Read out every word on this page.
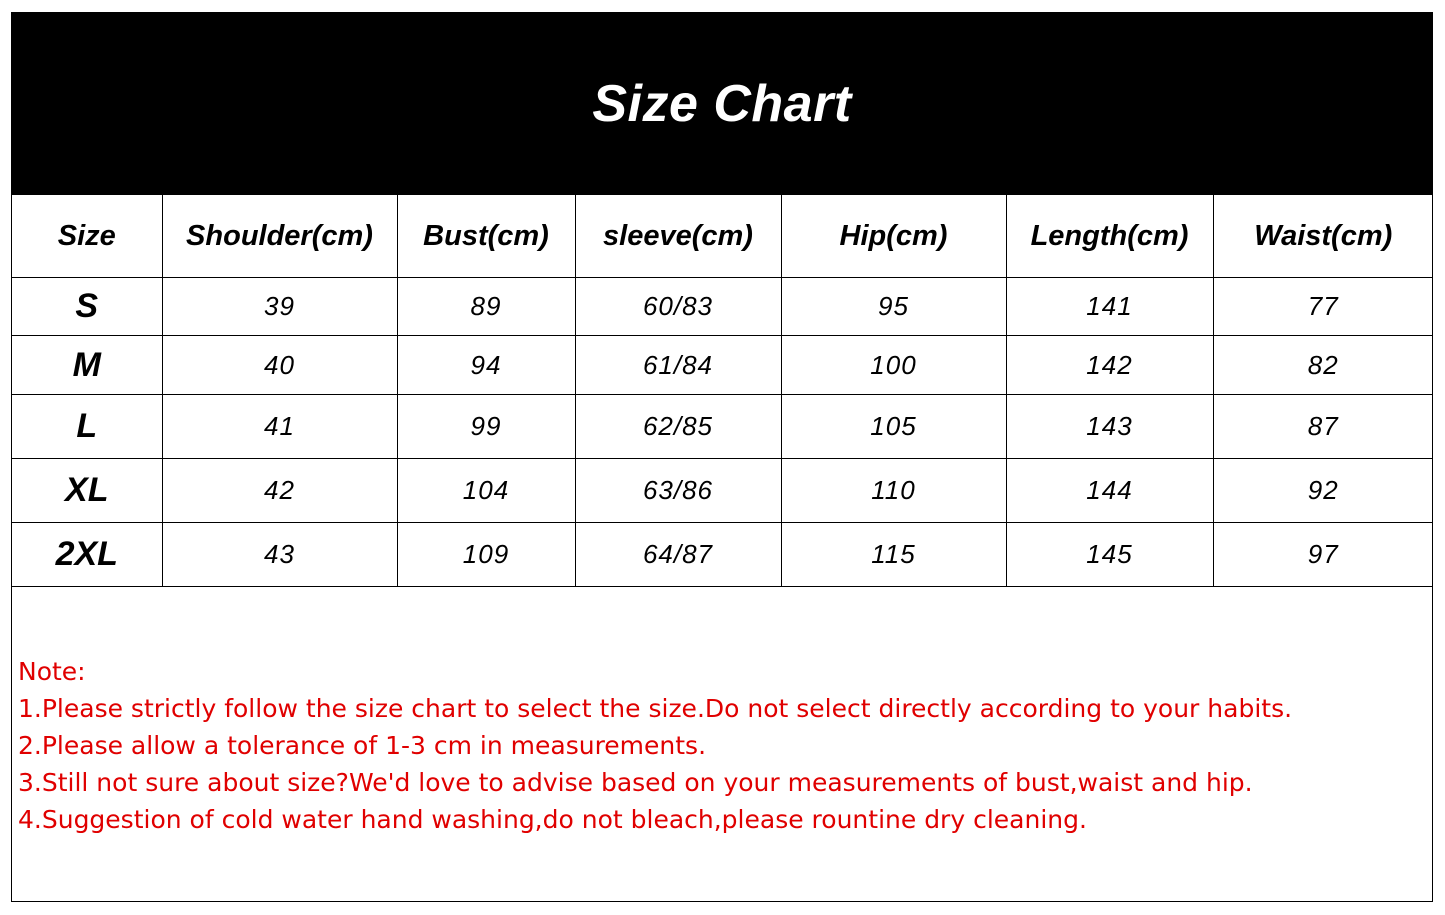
Size Chart
Size	Shoulder(cm)	Bust(cm)	sleeve(cm)	Hip(cm)	Length(cm)	Waist(cm)
S	39	89	60/83	95	141	77
M	40	94	61/84	100	142	82
L	41	99	62/85	105	143	87
XL	42	104	63/86	110	144	92
2XL	43	109	64/87	115	145	97
Note:
1.Please strictly follow the size chart to select the size.Do not select directly according to your habits.
2.Please allow a tolerance of 1-3 cm in measurements.
3.Still not sure about size?We'd love to advise based on your measurements of bust,waist and hip.
4.Suggestion of cold water hand washing,do not bleach,please rountine dry cleaning.
